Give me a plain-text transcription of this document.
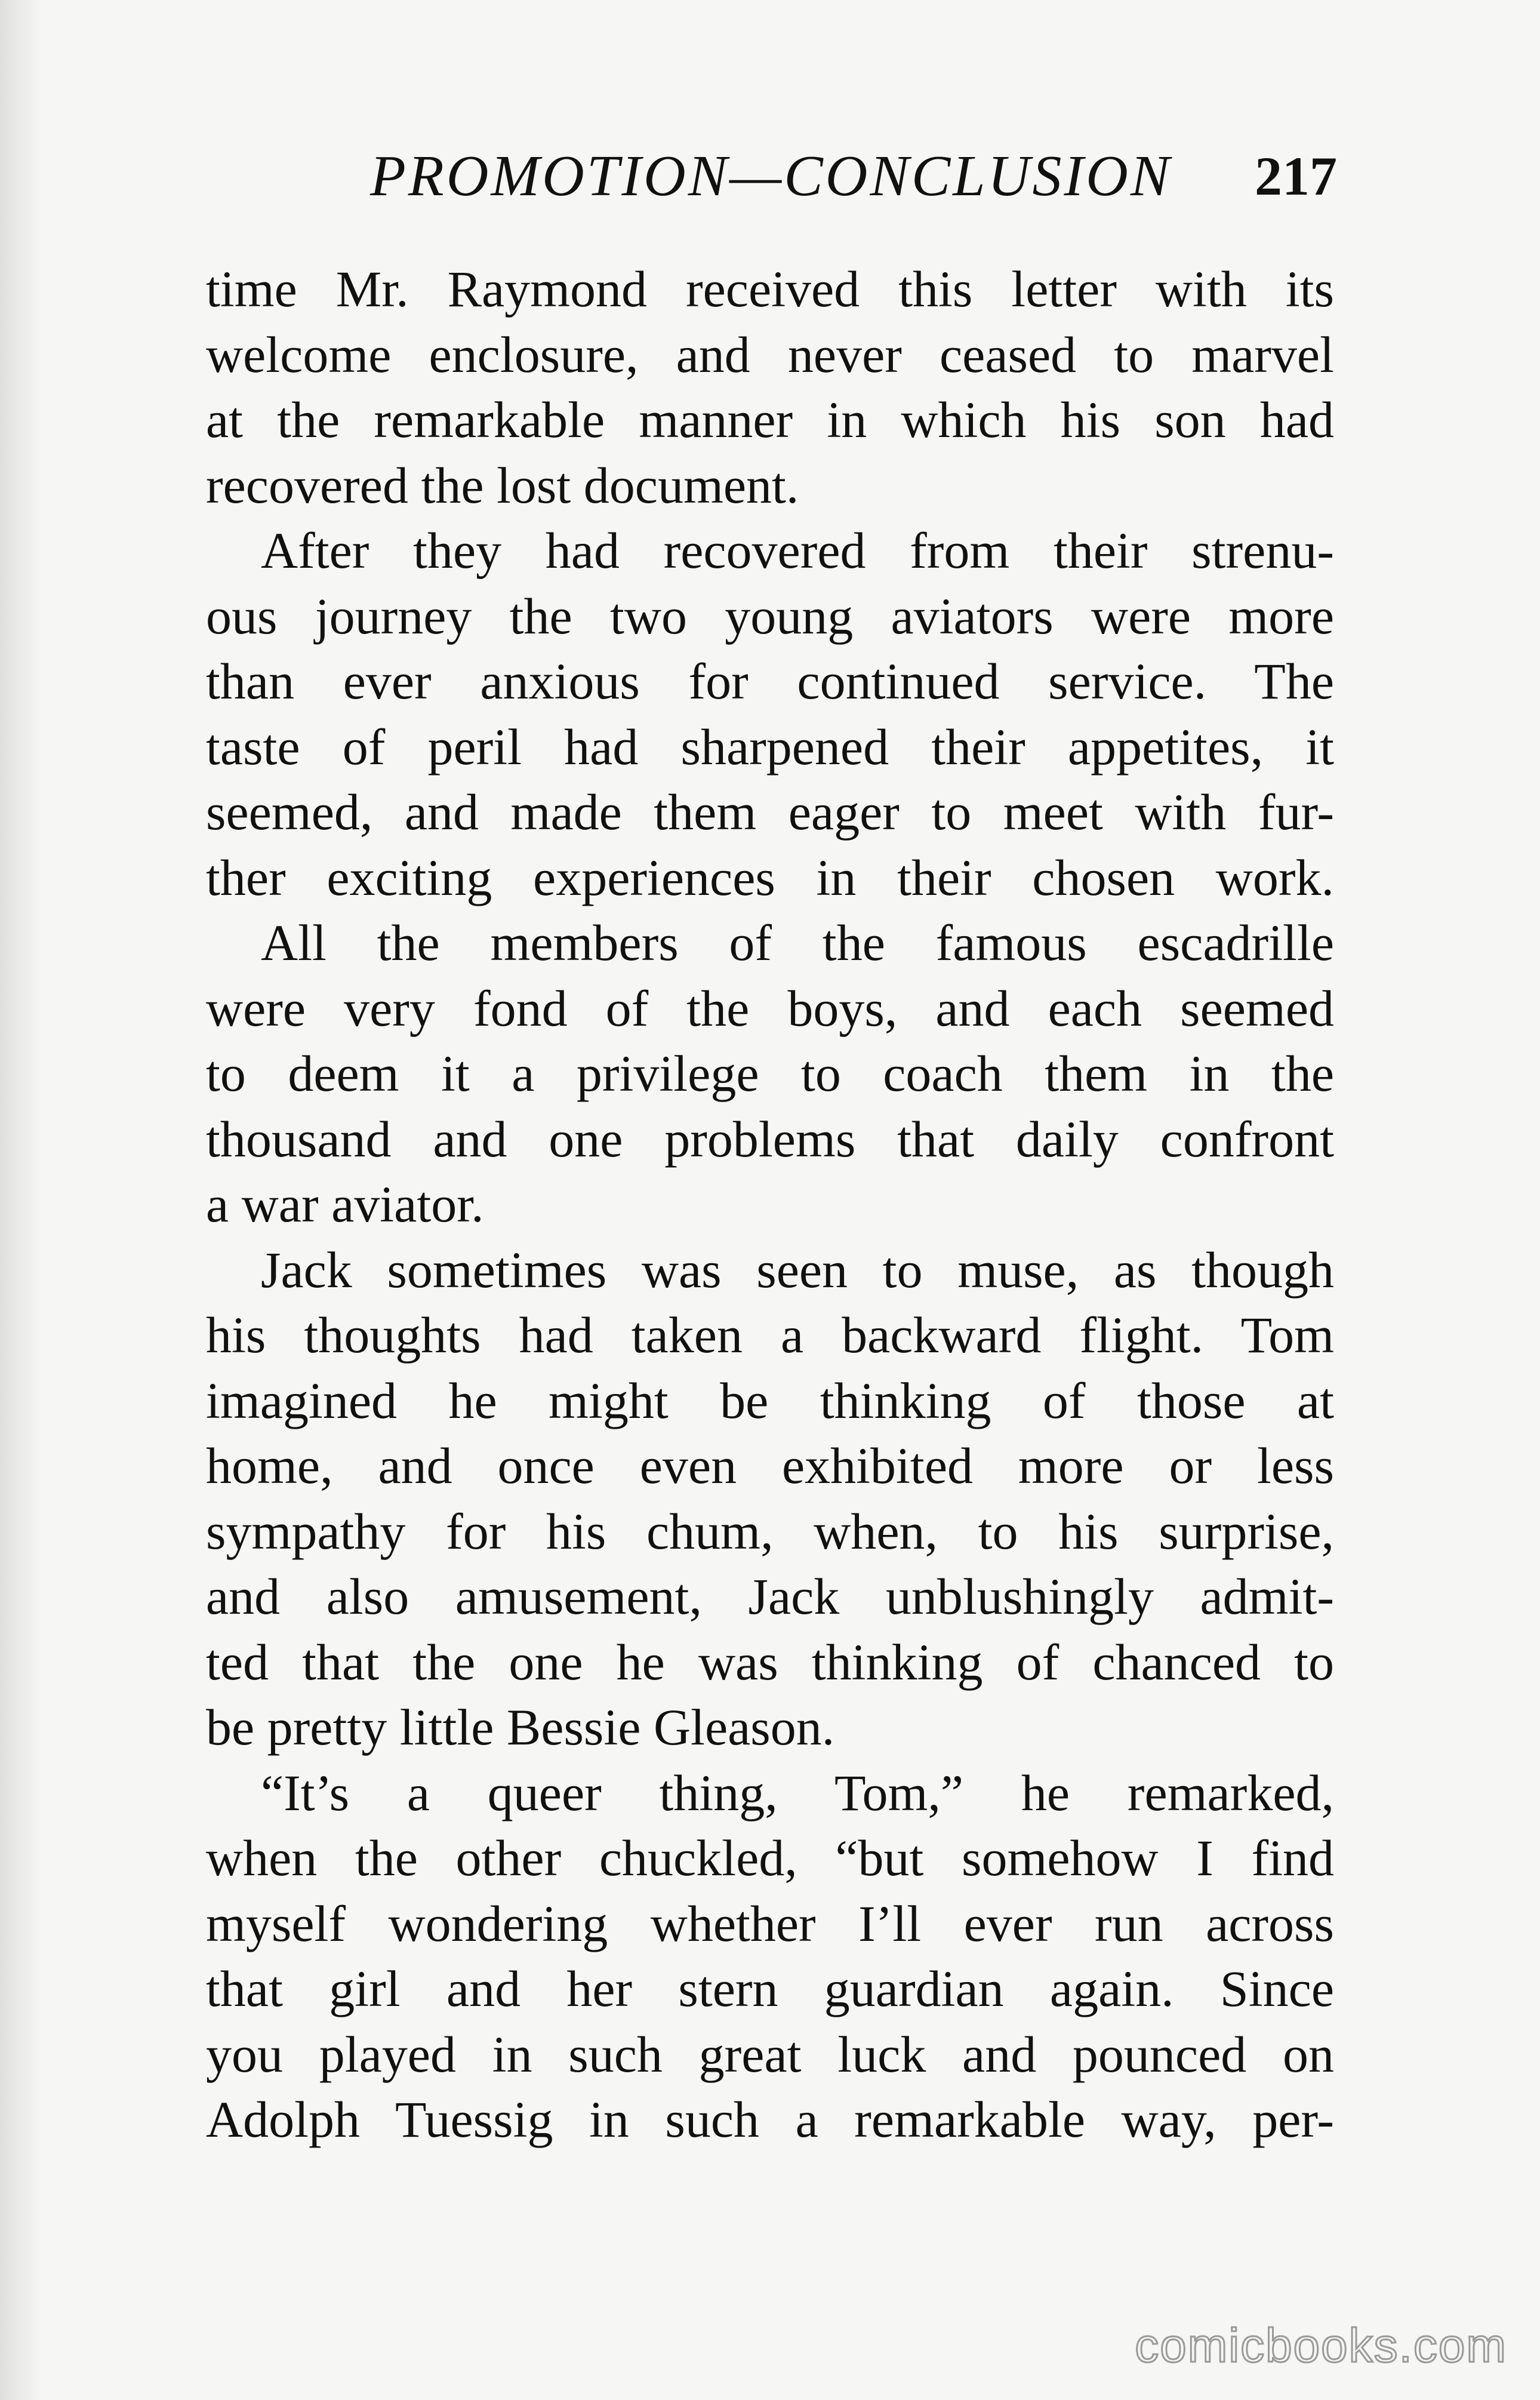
PROMOTION—CONCLUSION 217
time Mr. Raymond received this letter with its
welcome enclosure, and never ceased to marvel
at the remarkable manner in which his son had
recovered the lost document.
After they had recovered from their strenu-
ous journey the two young aviators were more
than ever anxious for continued service. The
taste of peril had sharpened their appetites, it
seemed, and made them eager to meet with fur-
ther exciting experiences in their chosen work.
All the members of the famous escadrille
were very fond of the boys, and each seemed
to deem it a privilege to coach them in the
thousand and one problems that daily confront
a war aviator.
Jack sometimes was seen to muse, as though
his thoughts had taken a backward flight. Tom
imagined he might be thinking of those at
home, and once even exhibited more or less
sympathy for his chum, when, to his surprise,
and also amusement, Jack unblushingly admit-
ted that the one he was thinking of chanced to
be pretty little Bessie Gleason.
“It’s a queer thing, Tom,” he remarked,
when the other chuckled, “but somehow I find
myself wondering whether I’ll ever run across
that girl and her stern guardian again. Since
you played in such great luck and pounced on
Adolph Tuessig in such a remarkable way, per-
comicbooks.com
